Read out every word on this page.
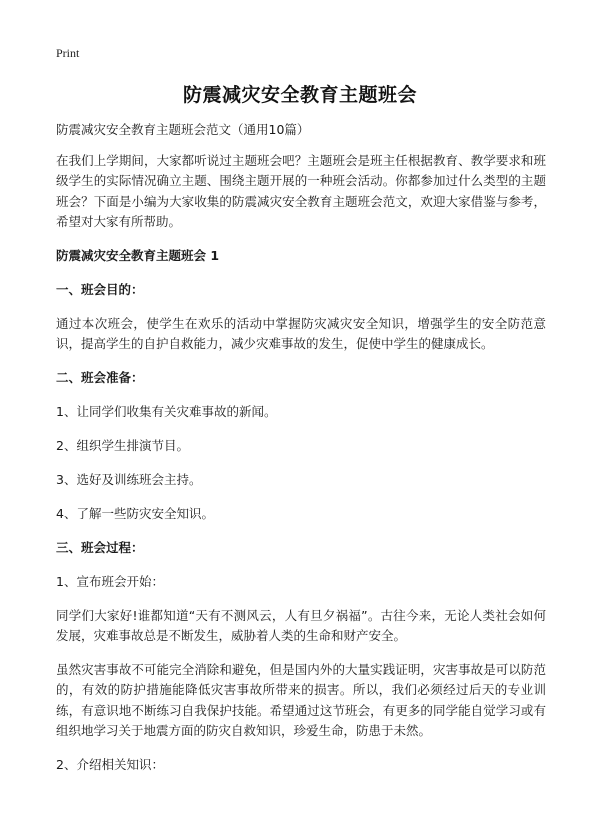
Print
防震减灾安全教育主题班会

防震减灾安全教育主题班会范文（通用10篇）

在我们上学期间，大家都听说过主题班会吧？主题班会是班主任根据教育、教学要求和班级学生的实际情况确立主题、围绕主题开展的一种班会活动。你都参加过什么类型的主题班会？下面是小编为大家收集的防震减灾安全教育主题班会范文，欢迎大家借鉴与参考，希望对大家有所帮助。

防震减灾安全教育主题班会 1
一、班会目的：

通过本次班会，使学生在欢乐的活动中掌握防灾减灾安全知识，增强学生的安全防范意识，提高学生的自护自救能力，减少灾难事故的发生，促使中学生的健康成长。

二、班会准备：
1、让同学们收集有关灾难事故的新闻。
2、组织学生排演节目。
3、选好及训练班会主持。
4、了解一些防灾安全知识。
三、班会过程：
1、宣布班会开始：

同学们大家好!谁都知道“天有不测风云，人有旦夕祸福”。古往今来，无论人类社会如何发展，灾难事故总是不断发生，威胁着人类的生命和财产安全。

虽然灾害事故不可能完全消除和避免，但是国内外的大量实践证明，灾害事故是可以防范的，有效的防护措施能降低灾害事故所带来的损害。所以，我们必须经过后天的专业训练，有意识地不断练习自我保护技能。希望通过这节班会，有更多的同学能自觉学习或有组织地学习关于地震方面的防灾自救知识，珍爱生命，防患于未然。

2、介绍相关知识：
